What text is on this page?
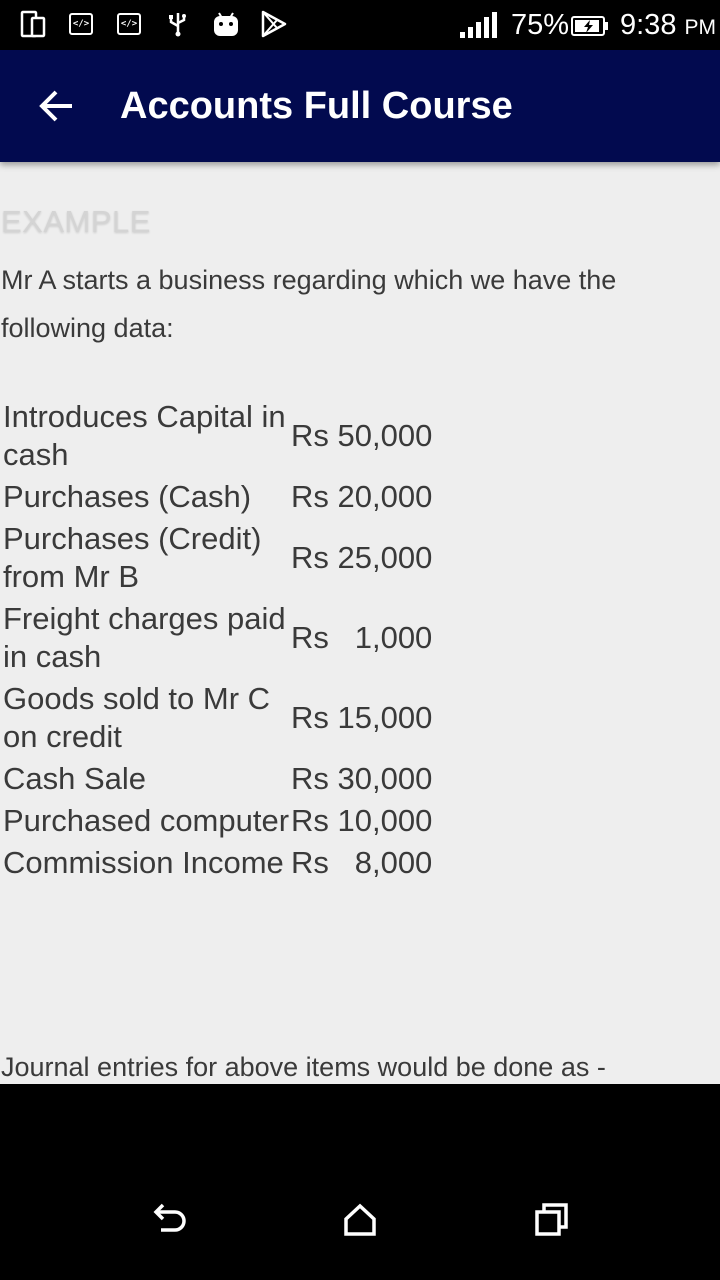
</>	</>	75% 9:38 PM
Accounts Full Course
EXAMPLE
Mr A starts a business regarding which we have the following data:
Introduces Capital in cash
Rs 50,000
Purchases (Cash)	Rs 20,000
Purchases (Credit) from Mr B
Rs 25,000
Freight charges paid in cash
Rs   1,000
Goods sold to Mr C on credit
Rs 15,000
Cash Sale	Rs 30,000
Purchased computer Rs 10,000
Commission Income Rs   8,000
Journal entries for above items would be done as -
